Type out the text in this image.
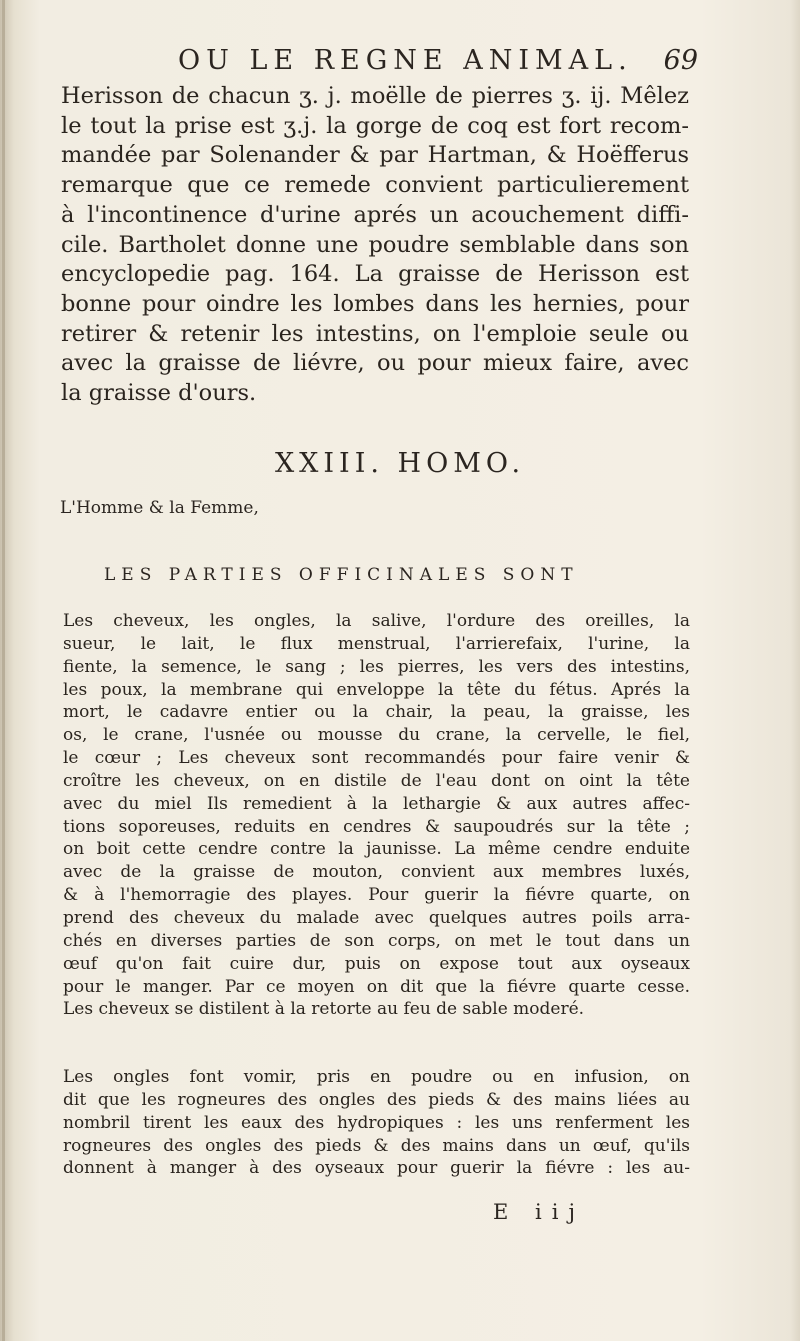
OU LE REGNE ANIMAL. 69
Herisson de chacun ʒ. j. moëlle de pierres ʒ. ij. Mêlez
le tout la prise est ʒ.j. la gorge de coq est fort recom-
mandée par Solenander & par Hartman, & Hoëfferus
remarque que ce remede convient particulierement
à l'incontinence d'urine aprés un acouchement diffi-
cile. Bartholet donne une poudre semblable dans son
encyclopedie pag. 164. La graisse de Herisson est
bonne pour oindre les lombes dans les hernies, pour
retirer & retenir les intestins, on l'emploie seule ou
avec la graisse de liévre, ou pour mieux faire, avec
la graisse d'ours.
XXIII. HOMO.
L'Homme & la Femme,
LES PARTIES OFFICINALES SONT
Les cheveux, les ongles, la salive, l'ordure des oreilles, la
sueur, le lait, le flux menstrual, l'arrierefaix, l'urine, la
fiente, la semence, le sang ; les pierres, les vers des intestins,
les poux, la membrane qui enveloppe la tête du fétus. Aprés la
mort, le cadavre entier ou la chair, la peau, la graisse, les
os, le crane, l'usnée ou mousse du crane, la cervelle, le fiel,
le cœur ; Les cheveux sont recommandés pour faire venir &
croître les cheveux, on en distile de l'eau dont on oint la tête
avec du miel Ils remedient à la lethargie & aux autres affec-
tions soporeuses, reduits en cendres & saupoudrés sur la tête ;
on boit cette cendre contre la jaunisse. La même cendre enduite
avec de la graisse de mouton, convient aux membres luxés,
& à l'hemorragie des playes. Pour guerir la fiévre quarte, on
prend des cheveux du malade avec quelques autres poils arra-
chés en diverses parties de son corps, on met le tout dans un
œuf qu'on fait cuire dur, puis on expose tout aux oyseaux
pour le manger. Par ce moyen on dit que la fiévre quarte cesse.
Les cheveux se distilent à la retorte au feu de sable moderé.
Les ongles font vomir, pris en poudre ou en infusion, on
dit que les rogneures des ongles des pieds & des mains liées au
nombril tirent les eaux des hydropiques : les uns renferment les
rogneures des ongles des pieds & des mains dans un œuf, qu'ils
donnent à manger à des oyseaux pour guerir la fiévre : les au-
E iij
